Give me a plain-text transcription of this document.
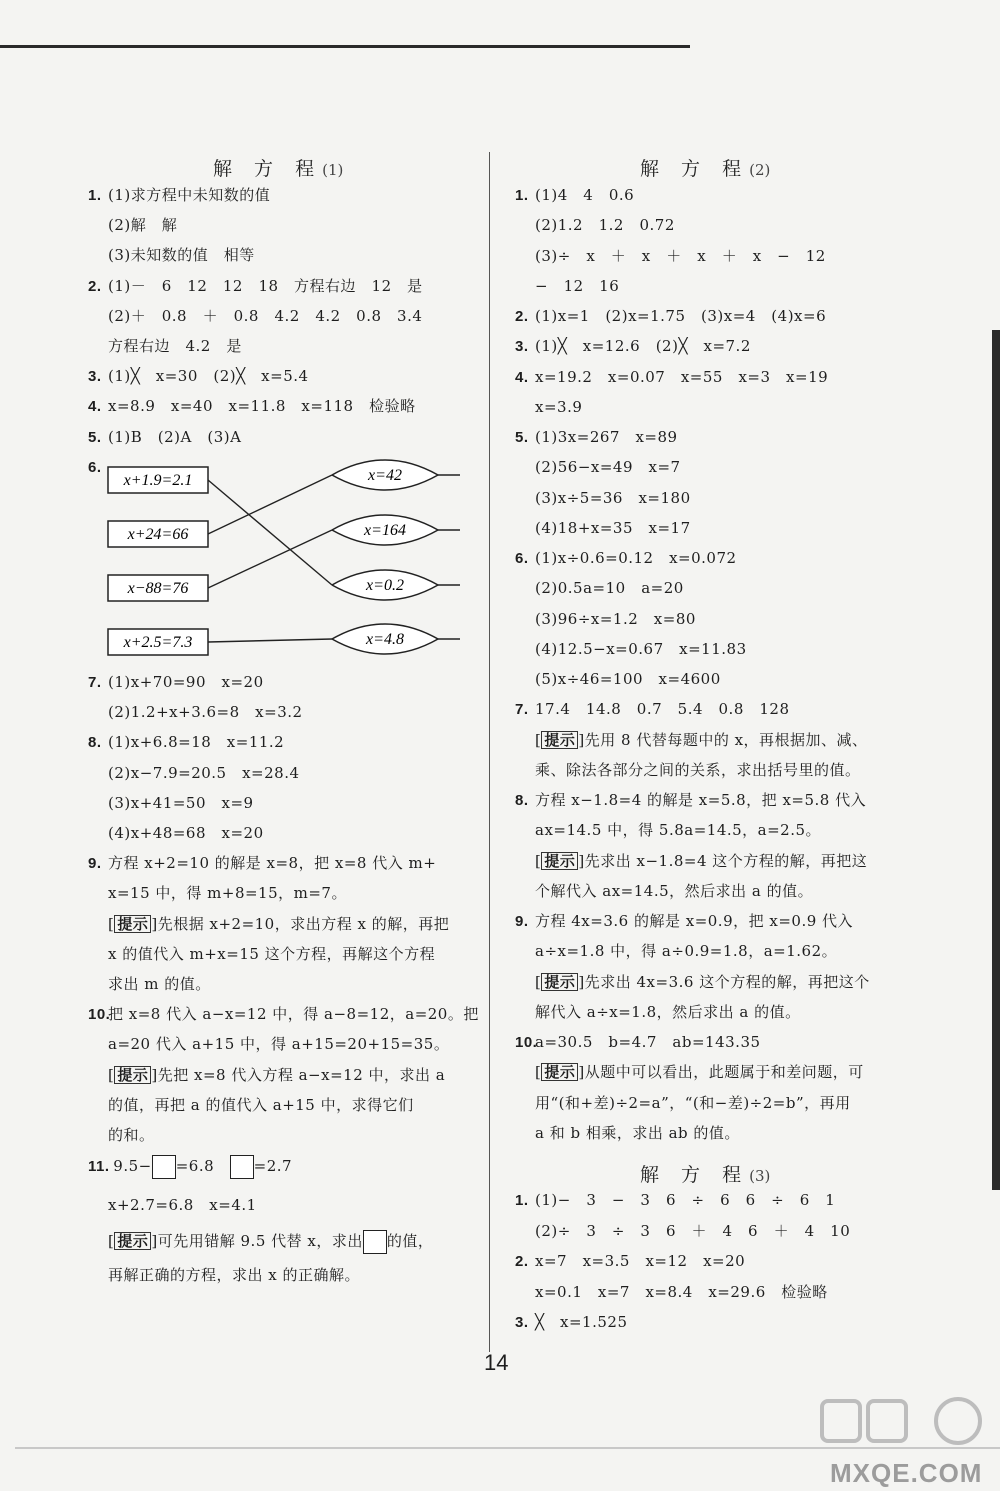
解 方 程(1)
1. (1)求方程中未知数的值
(2)解　解
(3)未知数的值　相等
2. (1)－　6　12　12　18　方程右边　12　是
(2)＋　0.8　＋　0.8　4.2　4.2　0.8　3.4
方程右边　4.2　是
3. (1)╳　x=30　(2)╳　x=5.4
4. x=8.9　x=40　x=11.8　x=118　检验略
5. (1)B　(2)A　(3)A
6.
x+1.9=2.1
x+24=66
x−88=76
x+2.5=7.3
x=42
x=164
x=0.2
x=4.8
7. (1)x+70=90　x=20
(2)1.2+x+3.6=8　x=3.2
8. (1)x+6.8=18　x=11.2
(2)x−7.9=20.5　x=28.4
(3)x+41=50　x=9
(4)x+48=68　x=20
9. 方程 x+2=10 的解是 x=8，把 x=8 代入 m+
x=15 中，得 m+8=15，m=7。
[ 提示 ]先根据 x+2=10，求出方程 x 的解，再把
x 的值代入 m+x=15 这个方程，再解这个方程
求出 m 的值。
10.把 x=8 代入 a−x=12 中，得 a−8=12，a=20。把
a=20 代入 a+15 中，得 a+15=20+15=35。
[ 提示 ]先把 x=8 代入方程 a−x=12 中，求出 a
的值，再把 a 的值代入 a+15 中，求得它们
的和。
11. 9.5− =6.8　	=2.7
x+2.7=6.8　x=4.1
[ 提示 ]可先用错解 9.5 代替 x，求出 的值，
再解正确的方程，求出 x 的正确解。
解 方 程(2)
1. (1)4　4　0.6
(2)1.2　1.2　0.72
(3)÷　x　＋　x　＋　x　＋　x　−　12
−　12　16
2. (1)x=1　(2)x=1.75　(3)x=4　(4)x=6
3. (1)╳　x=12.6　(2)╳　x=7.2
4. x=19.2　x=0.07　x=55　x=3　x=19
x=3.9
5. (1)3x=267　x=89
(2)56−x=49　x=7
(3)x÷5=36　x=180
(4)18+x=35　x=17
6. (1)x÷0.6=0.12　x=0.072
(2)0.5a=10　a=20
(3)96÷x=1.2　x=80
(4)12.5−x=0.67　x=11.83
(5)x÷46=100　x=4600
7. 17.4　14.8　0.7　5.4　0.8　128
[ 提示 ]先用 8 代替每题中的 x，再根据加、减、
乘、除法各部分之间的关系，求出括号里的值。
8. 方程 x−1.8=4 的解是 x=5.8，把 x=5.8 代入
ax=14.5 中，得 5.8a=14.5，a=2.5。
[ 提示 ]先求出 x−1.8=4 这个方程的解，再把这
个解代入 ax=14.5，然后求出 a 的值。
9. 方程 4x=3.6 的解是 x=0.9，把 x=0.9 代入
a÷x=1.8 中，得 a÷0.9=1.8，a=1.62。
[ 提示 ]先求出 4x=3.6 这个方程的解，再把这个
解代入 a÷x=1.8，然后求出 a 的值。
10.a=30.5　b=4.7　ab=143.35
[ 提示 ]从题中可以看出，此题属于和差问题，可
用“(和+差)÷2=a”，“(和−差)÷2=b”，再用
a 和 b 相乘，求出 ab 的值。
解 方 程(3)
1. (1)−　3　−　3　6　÷　6　6　÷　6　1
(2)÷　3　÷　3　6　＋　4　6　＋　4　10
2. x=7　x=3.5　x=12　x=20
x=0.1　x=7　x=8.4　x=29.6　检验略
3. ╳　x=1.525
14
MXQE.COM
